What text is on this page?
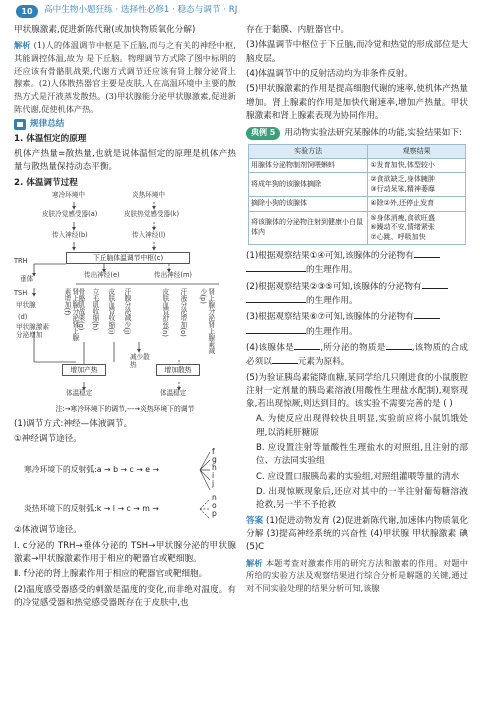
10	高中生物小题狂练 · 选择性必修1 · 稳态与调节 · RJ

甲状腺激素,促进新陈代谢(或加快物质氧化分解)

解析 (1)人的体温调节中枢是下丘脑,而与之有关的神经中枢,其能调控体温,故为 是下丘脑。物理调节方式除了图中标明的还应该有骨骼肌战栗,代谢方式调节还应该有肾上腺分泌肾上腺素。(2)人体散热器官主要是皮肤,人在高温环境中主要的散热方式是汗液蒸发散热。(3)甲状腺能分泌甲状腺激素,促进新陈代谢,促使机体产热。

规律总结

1. 体温恒定的原理

机体产热量=散热量,也就是说体温恒定的原理是机体产热量与散热量保持动态平衡。

2. 体温调节过程

寒冷环境中	炎热环境中
皮肤冷觉感受器(a)	皮肤热觉感受器(k)
传入神经(b)	传入神经(l)
下丘脑体温调节中枢(c)
TRH
垂体
TSH
甲状腺
(d)
甲状腺激素分泌增加
传出神经(e)	传出神经(m)
肾上腺分泌肾上腺素增加(f) 骨骼肌战栗(g) 立毛肌收缩(h) 皮肤血管收缩(i) 汗腺分泌减少(j)	皮肤血管舒张(n) 汗液分泌增加(o)	肾上腺分泌肾上腺素减少(p)
减少散热
增加产热	增加散热
体温稳定	体温稳定
注:→寒冷环境下的调节,---→炎热环境下的调节

(1)调节方式:神经—体液调节。

①神经调节途径。

寒冷环境下的反射弧:a → b → c → e →
f
g
h
i
j
炎热环境下的反射弧:k → l → c → m →
n
o
p

②体液调节途径。

Ⅰ. c分泌的 TRH→垂体分泌的 TSH→甲状腺分泌的甲状腺激素→甲状腺激素作用于相应的靶器官或靶细胞。

Ⅱ. f分泌的肾上腺素作用于相应的靶器官或靶细胞。

(2)温度感受器感受的刺激是温度的变化,而非绝对温度。有的冷觉感受器和热觉感受器既存在于皮肤中,也

存在于黏膜、内脏器官中。

(3)体温调节中枢位于下丘脑,而冷觉和热觉的形成部位是大脑皮层。

(4)体温调节中的反射活动均为非条件反射。

(5)甲状腺激素的作用是提高细胞代谢的速率,使机体产热量增加。肾上腺素的作用是加快代谢速率,增加产热量。甲状腺激素和肾上腺素表现为协同作用。

典例 5 用动物实验法研究某腺体的功能,实验结果如下:

实验方法	观察结果
用腺体分泌物制剂饲喂蝌蚪	①发育加快,体型较小
将成年狗的该腺体摘除	②食欲缺乏,身体臃肿
③行动呆笨,精神萎靡
摘除小狗的该腺体	④除②外,还停止发育
将该腺体的分泌物注射到健康小白鼠体内	⑤身体消瘦,食欲旺盛
⑥躁动不安,情绪紧张
⑦心跳、呼吸加快

(1)根据观察结果①④可知,该腺体的分泌物有
的生理作用。

(2)根据观察结果②③⑤可知,该腺体的分泌物有
的生理作用。

(3)根据观察结果⑥⑦可知,该腺体的分泌物有
的生理作用。

(4)该腺体是	,所分泌的物质是	,该物质的合成必须以	元素为原料。

(5)为验证胰岛素能降血糖,某同学给几只刚进食的小鼠腹腔注射一定剂量的胰岛素溶液(用酸性生理盐水配制),观察现象,若出现惊厥,则达到目的。该实验不需要完善的是 ( )

A. 为使反应出现得较快且明显,实验前应将小鼠饥饿处理,以消耗肝糖原

B. 应设置注射等量酸性生理盐水的对照组,且注射的部位、方法同实验组

C. 应设置口服胰岛素的实验组,对照组灌喂等量的清水

D. 出现惊厥现象后,还应对其中的一半注射葡萄糖溶液抢救,另一半不予抢救

答案 (1)促进动物发育 (2)促进新陈代谢,加速体内物质氧化分解 (3)提高神经系统的兴奋性 (4)甲状腺 甲状腺激素 碘 (5)C

解析 本题考查对激素作用的研究方法和激素的作用。对题中所给的实验方法及观察结果进行综合分析是解题的关键,通过对不同实验处理的结果分析可知,该腺
